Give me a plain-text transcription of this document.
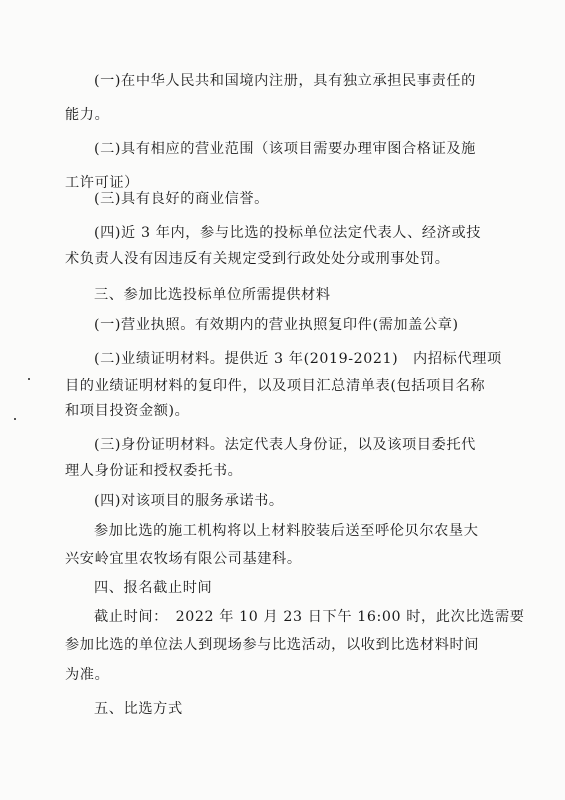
(一)在中华人民共和国境内注册，具有独立承担民事责任的
能力。
(二)具有相应的营业范围（该项目需要办理审图合格证及施
工许可证）
(三)具有良好的商业信誉。
(四)近 3 年内，参与比选的投标单位法定代表人、经济或技
术负责人没有因违反有关规定受到行政处处分或刑事处罚。
三、参加比选投标单位所需提供材料
(一)营业执照。有效期内的营业执照复印件(需加盖公章)
(二)业绩证明材料。提供近 3 年(2019-2021)　内招标代理项
目的业绩证明材料的复印件，以及项目汇总清单表(包括项目名称
和项目投资金额)。
(三)身份证明材料。法定代表人身份证，以及该项目委托代
理人身份证和授权委托书。
(四)对该项目的服务承诺书。
参加比选的施工机构将以上材料胶装后送至呼伦贝尔农垦大
兴安岭宜里农牧场有限公司基建科。
四、报名截止时间
截止时间：　2022 年 10 月 23 日下午 16:00 时，此次比选需要
参加比选的单位法人到现场参与比选活动，以收到比选材料时间
为准。
五、比选方式
